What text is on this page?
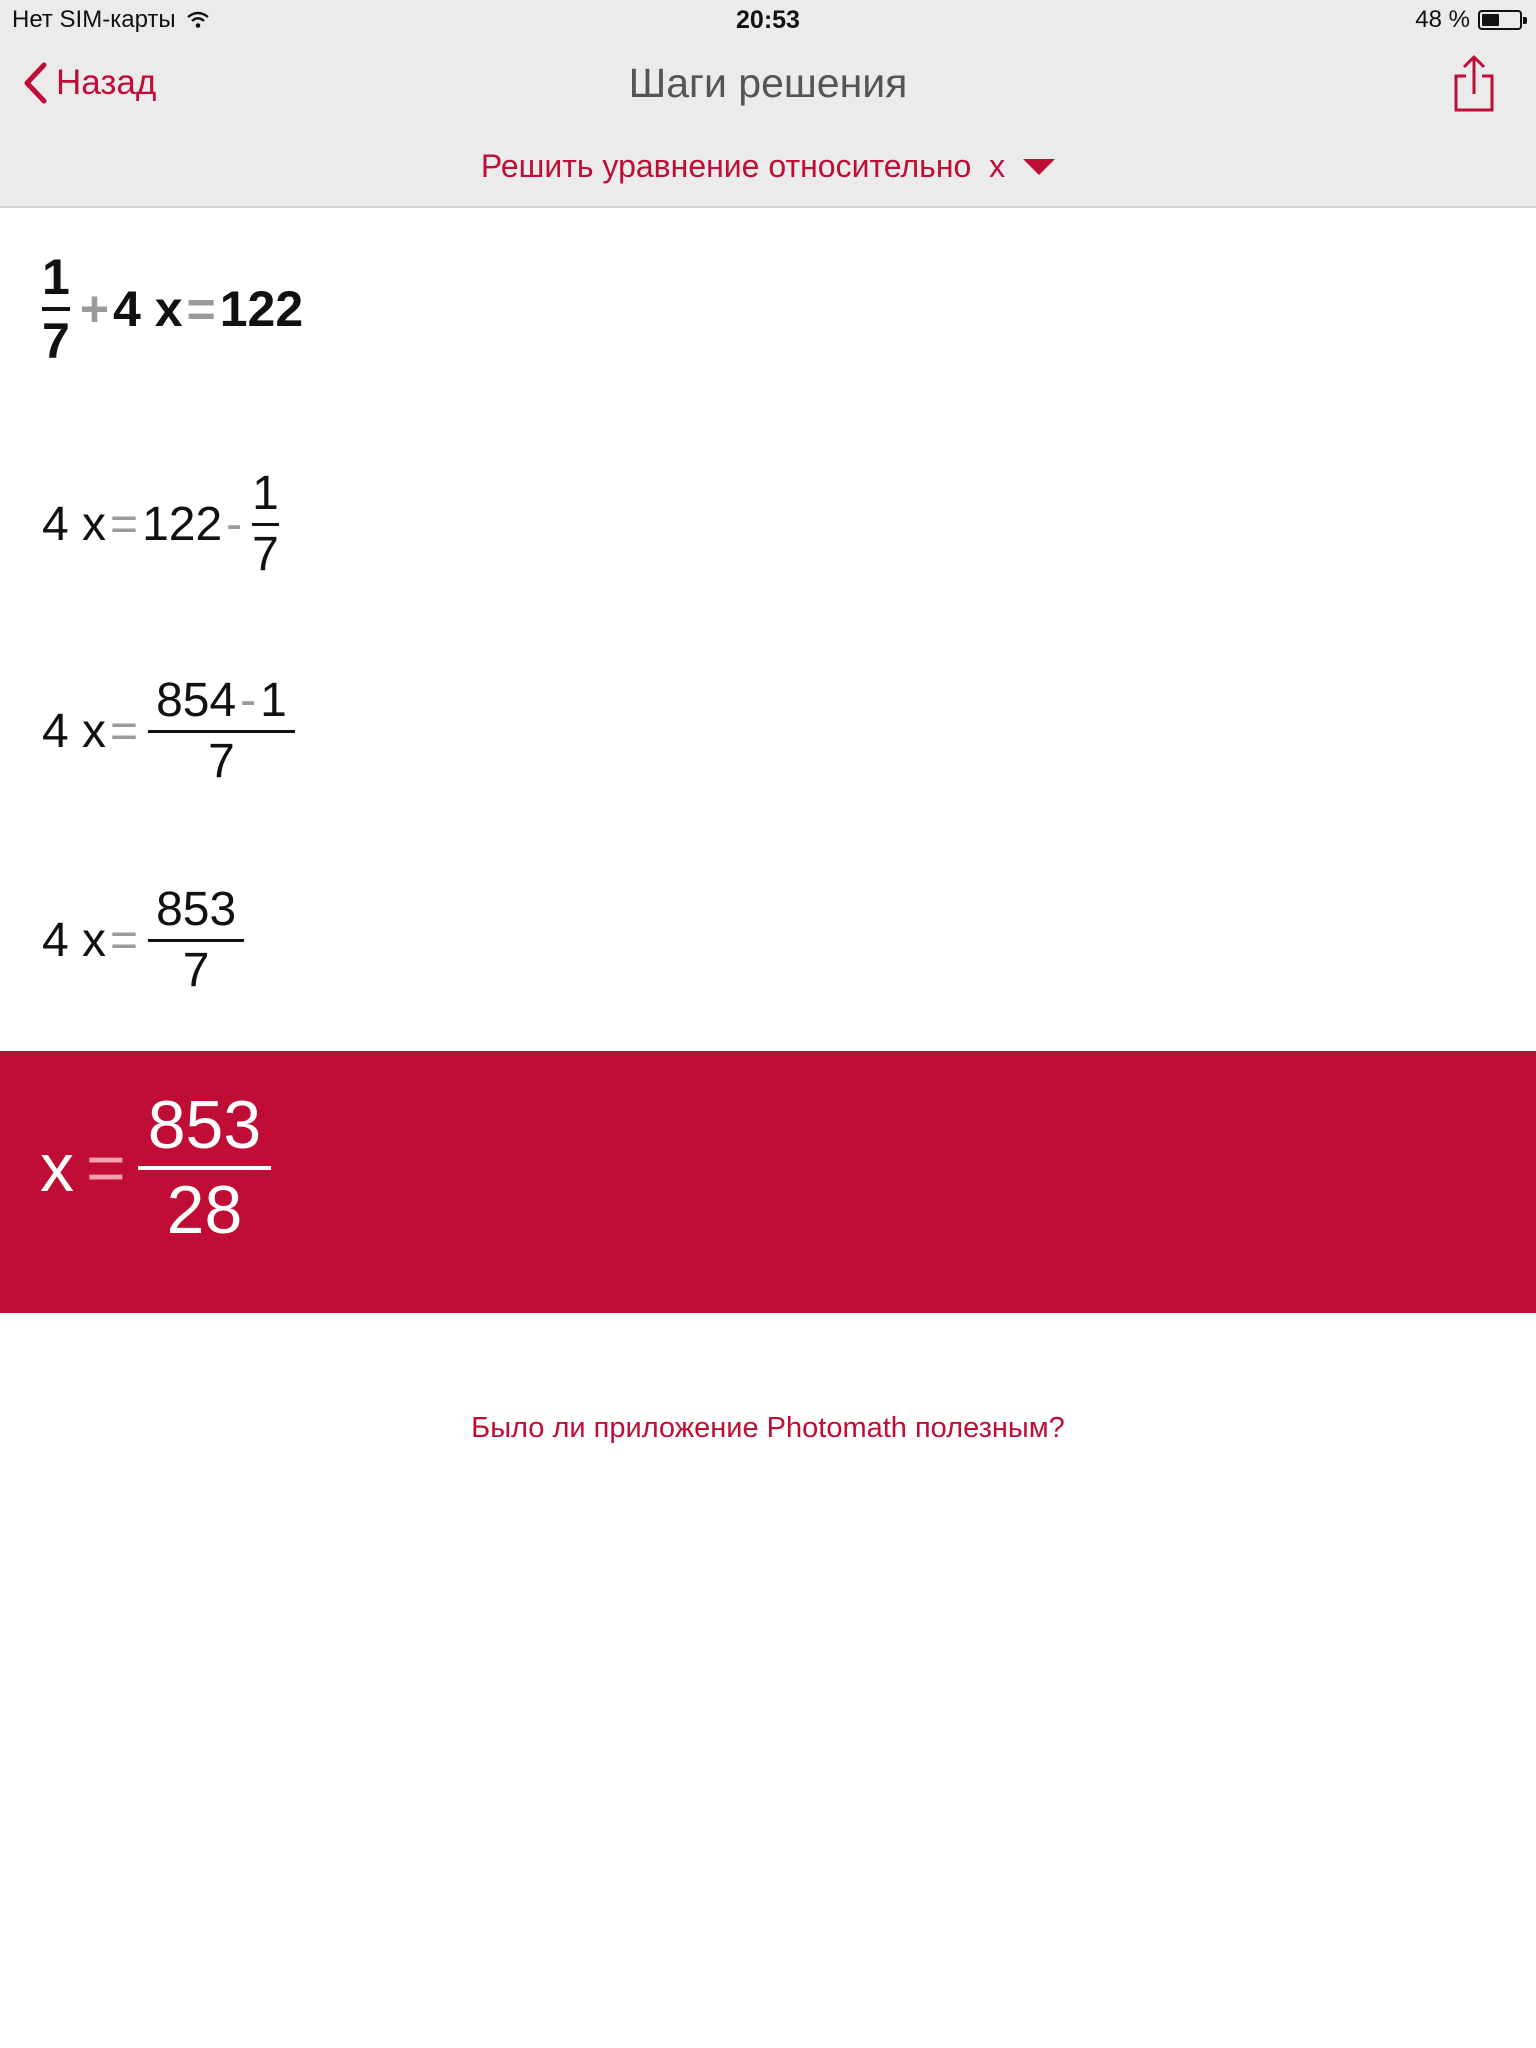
Нет SIM-карты	20:53	48 %
Назад	Шаги решения
Решить уравнение относительно  x
$\frac{1}{7} + 4$ x = 122
4 $x = 122 - \frac{1}{7}$
4 $x = \frac{854-1}{7}$
4 $x = \frac{853}{7}$
$x = \frac{853}{28}$
Было ли приложение Photomath полезным?
